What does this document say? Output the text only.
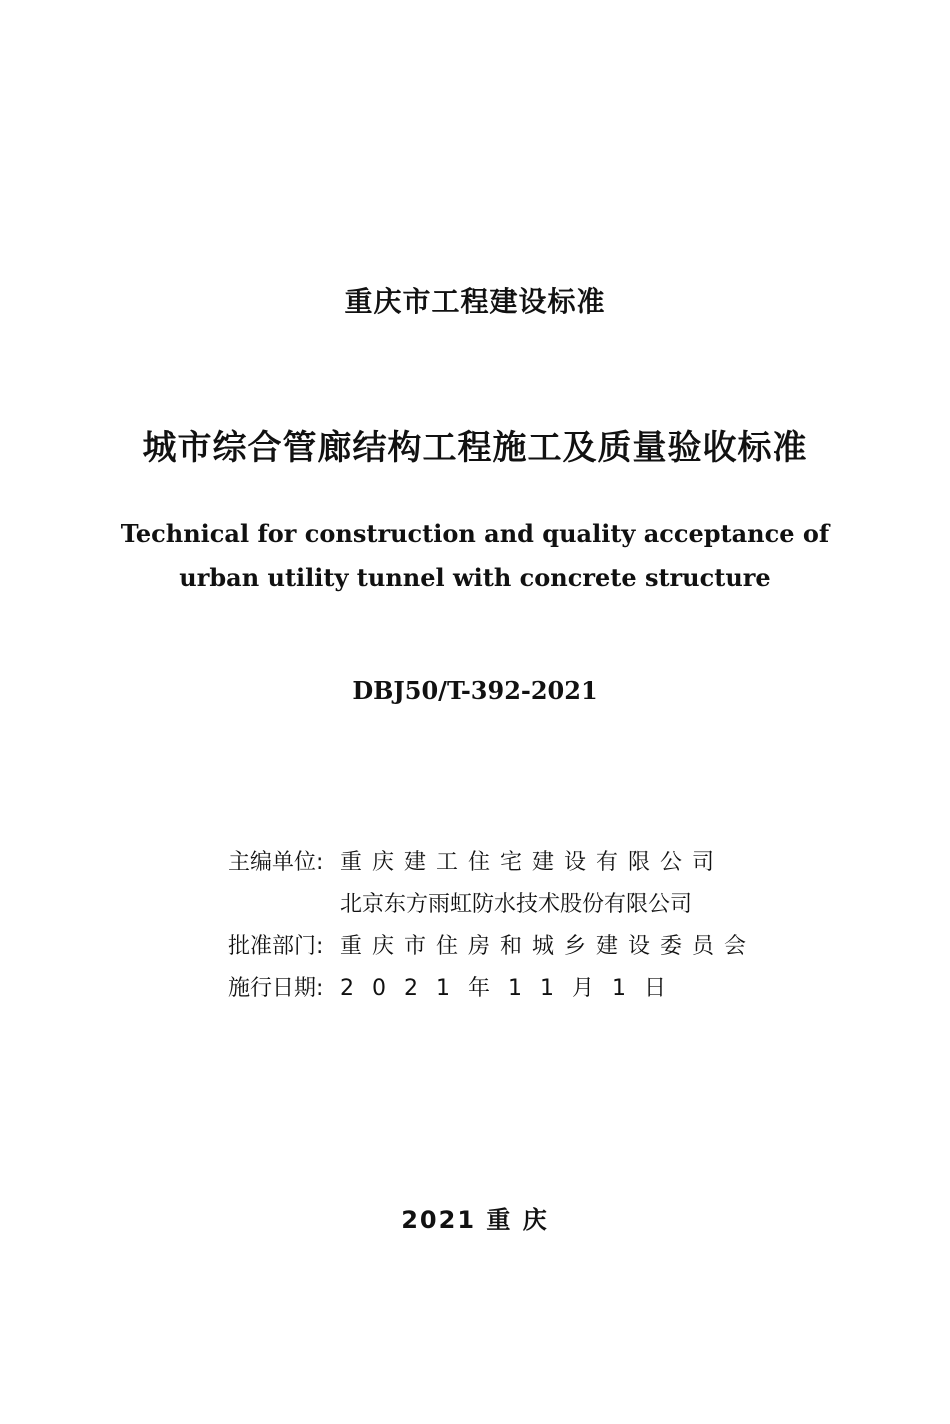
重庆市工程建设标准
城市综合管廊结构工程施工及质量验收标准
Technical for construction and quality acceptance of
urban utility tunnel with concrete structure
DBJ50/T-392-2021
主编单位: 重庆建工住宅建设有限公司
北京东方雨虹防水技术股份有限公司
批准部门: 重庆市住房和城乡建设委员会
施行日期: 2021年11月1日
2021 重 庆
